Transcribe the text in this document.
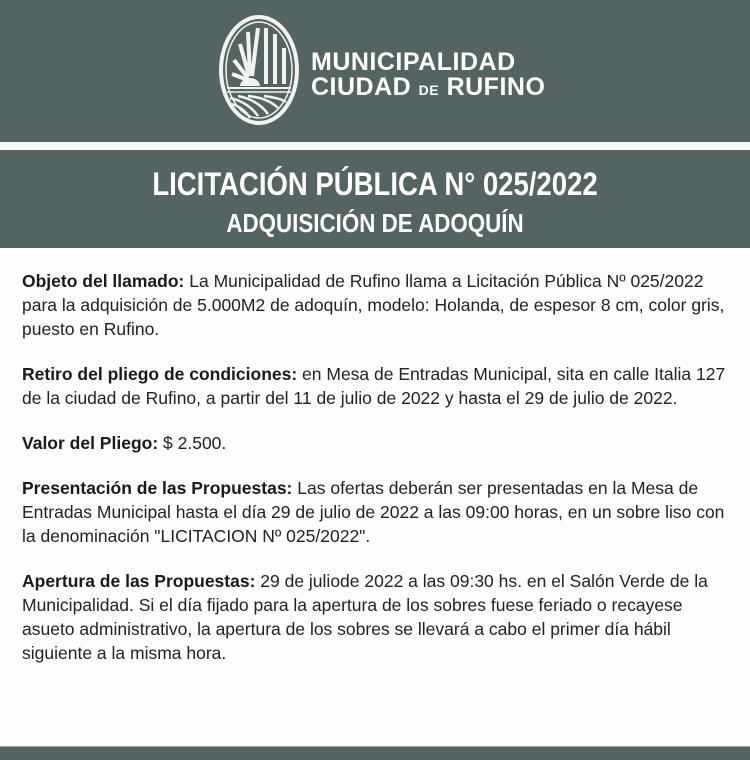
MUNICIPALIDAD
CIUDAD DE RUFINO
LICITACIÓN PÚBLICA N° 025/2022
ADQUISICIÓN DE ADOQUÍN

Objeto del llamado: La Municipalidad de Rufino llama a Licitación Pública Nº 025/2022 para la adquisición de 5.000M2 de adoquín, modelo: Holanda, de espesor 8 cm, color gris, puesto en Rufino.

Retiro del pliego de condiciones: en Mesa de Entradas Municipal, sita en calle Italia 127 de la ciudad de Rufino, a partir del 11 de julio de 2022 y hasta el 29 de julio de 2022.

Valor del Pliego: $ 2.500.

Presentación de las Propuestas: Las ofertas deberán ser presentadas en la Mesa de Entradas Municipal hasta el día 29 de julio de 2022 a las 09:00 horas, en un sobre liso con la denominación "LICITACION Nº 025/2022".

Apertura de las Propuestas: 29 de juliode 2022 a las 09:30 hs. en el Salón Verde de la Municipalidad. Si el día fijado para la apertura de los sobres fuese feriado o recayese asueto administrativo, la apertura de los sobres se llevará a cabo el primer día hábil siguiente a la misma hora.
